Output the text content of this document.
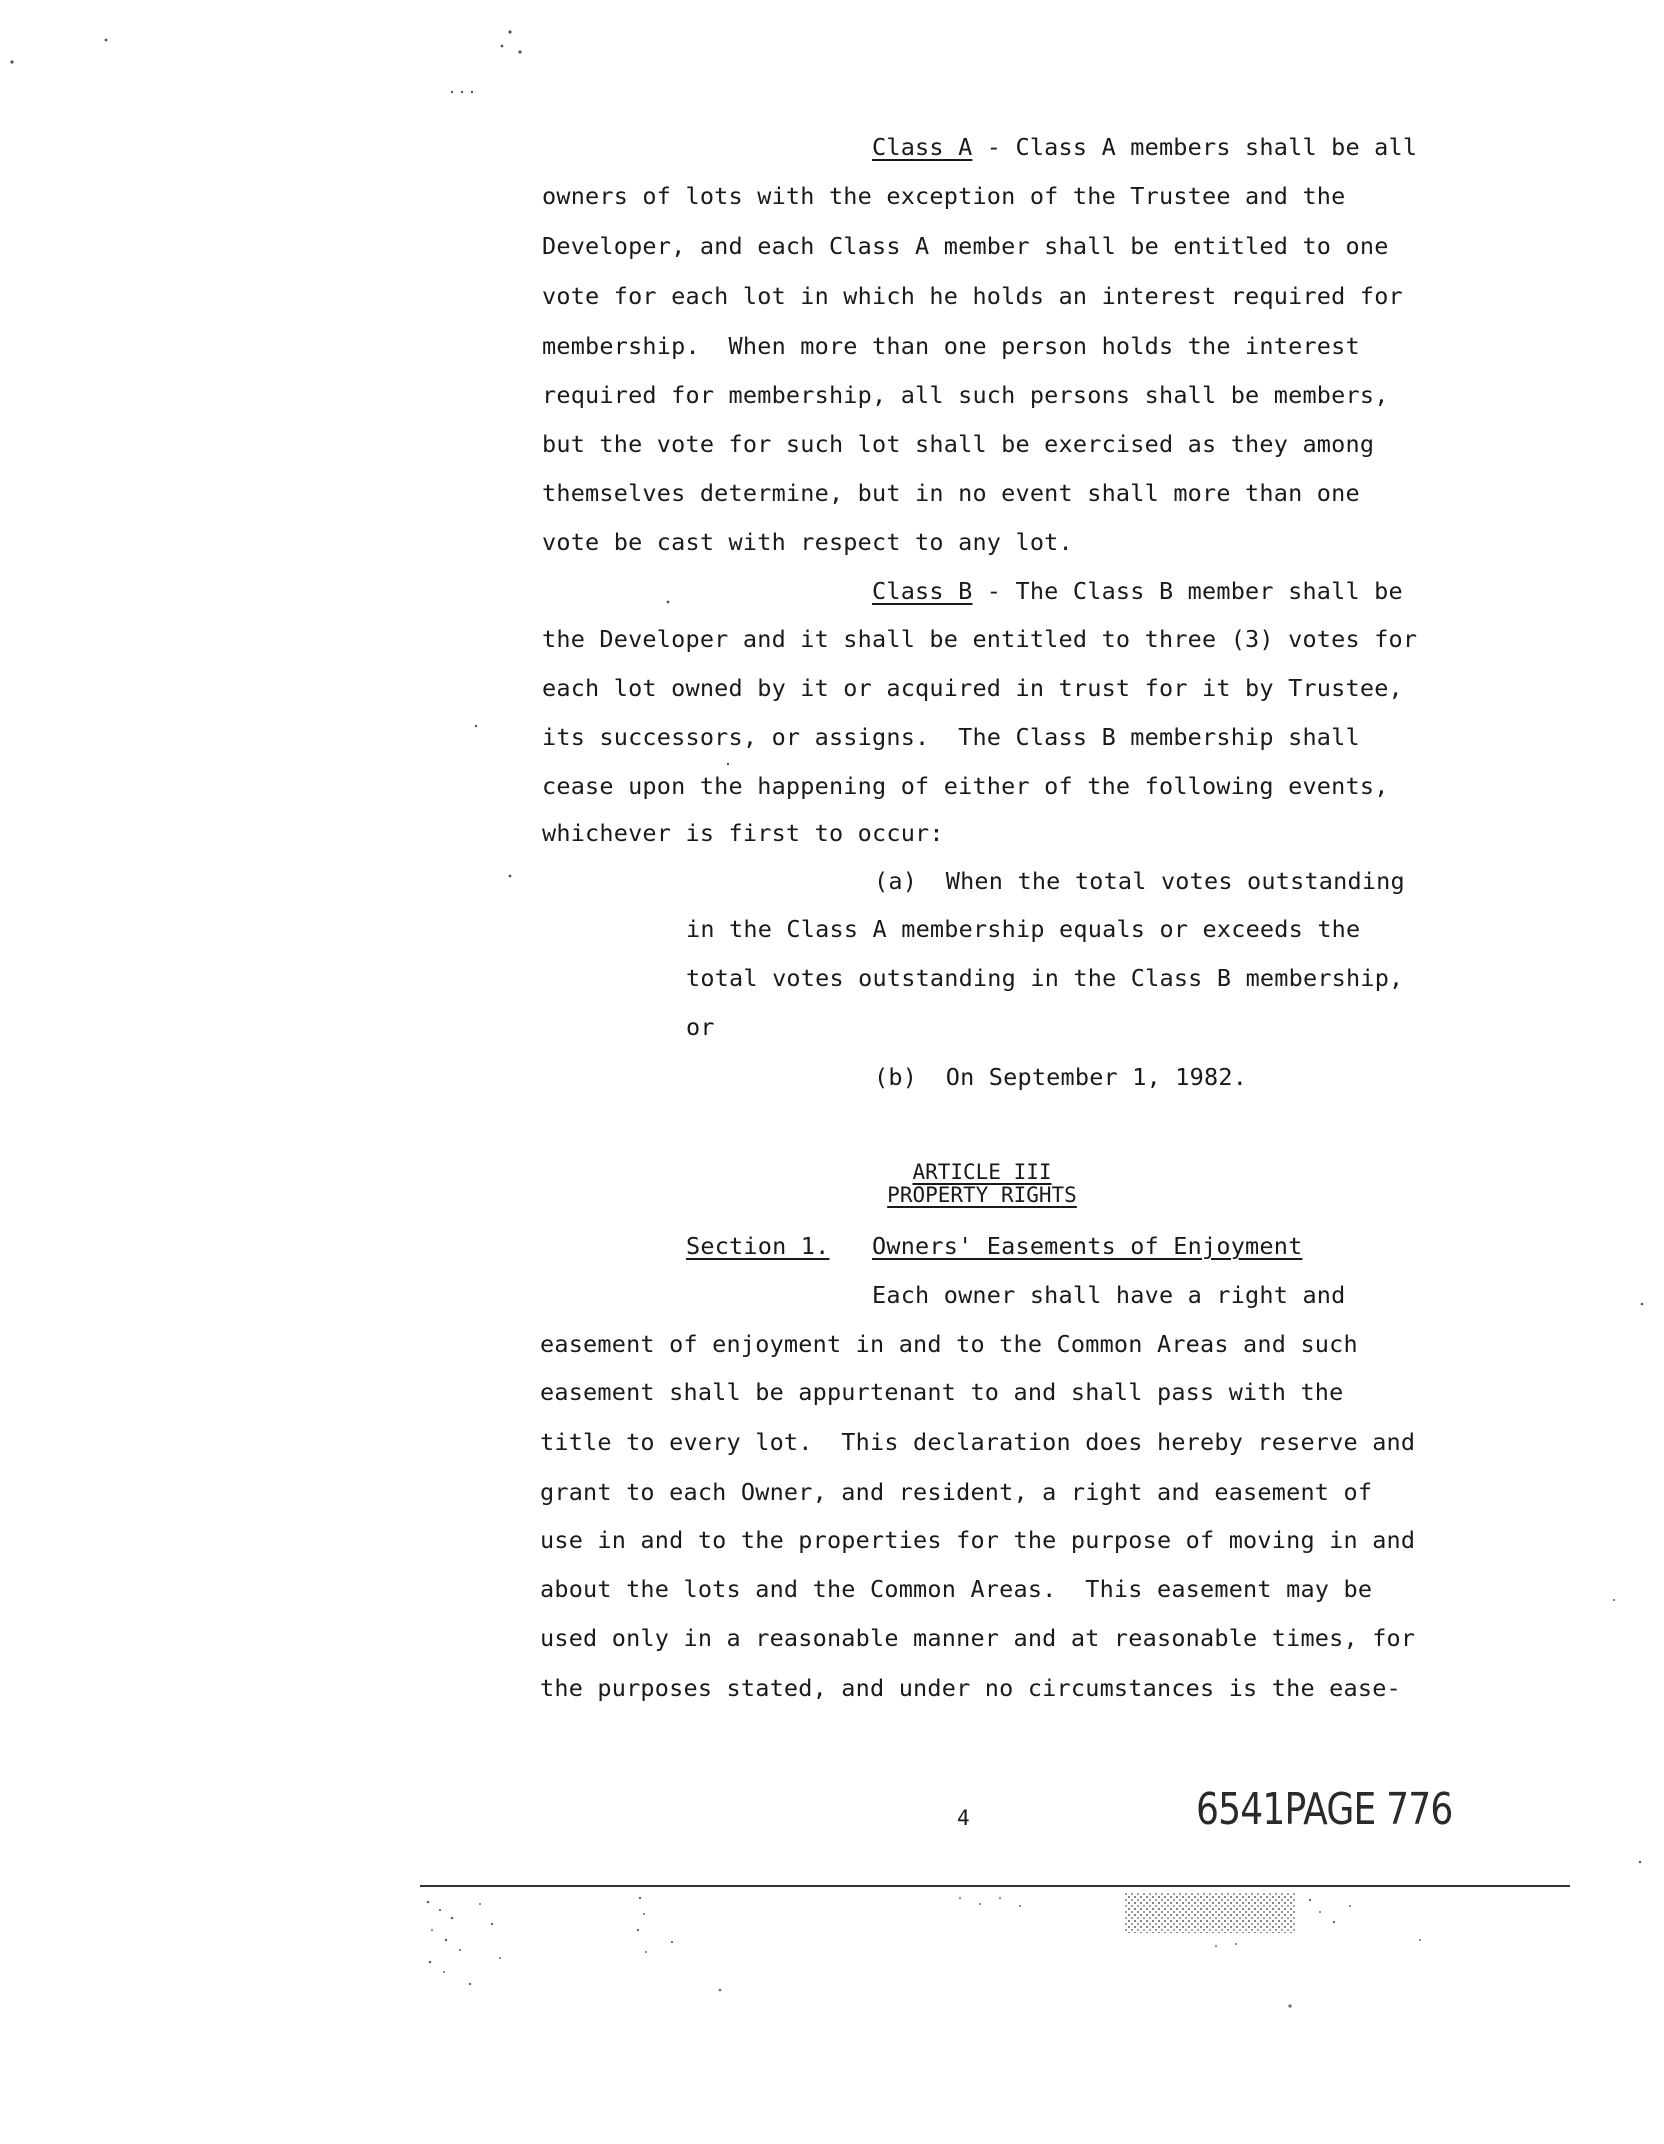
Class A - Class A members shall be all
owners of lots with the exception of the Trustee and the
Developer, and each Class A member shall be entitled to one
vote for each lot in which he holds an interest required for
membership.  When more than one person holds the interest
required for membership, all such persons shall be members,
but the vote for such lot shall be exercised as they among
themselves determine, but in no event shall more than one
vote be cast with respect to any lot.
Class B - The Class B member shall be
the Developer and it shall be entitled to three (3) votes for
each lot owned by it or acquired in trust for it by Trustee,
its successors, or assigns.  The Class B membership shall
cease upon the happening of either of the following events,
whichever is first to occur:
(a)  When the total votes outstanding
in the Class A membership equals or exceeds the
total votes outstanding in the Class B membership,
or
(b)  On September 1, 1982.
ARTICLE III
PROPERTY RIGHTS
Section 1. Owners' Easements of Enjoyment
Each owner shall have a right and
easement of enjoyment in and to the Common Areas and such
easement shall be appurtenant to and shall pass with the
title to every lot.  This declaration does hereby reserve and
grant to each Owner, and resident, a right and easement of
use in and to the properties for the purpose of moving in and
about the lots and the Common Areas.  This easement may be
used only in a reasonable manner and at reasonable times, for
the purposes stated, and under no circumstances is the ease-
4	6541PAGE 776
